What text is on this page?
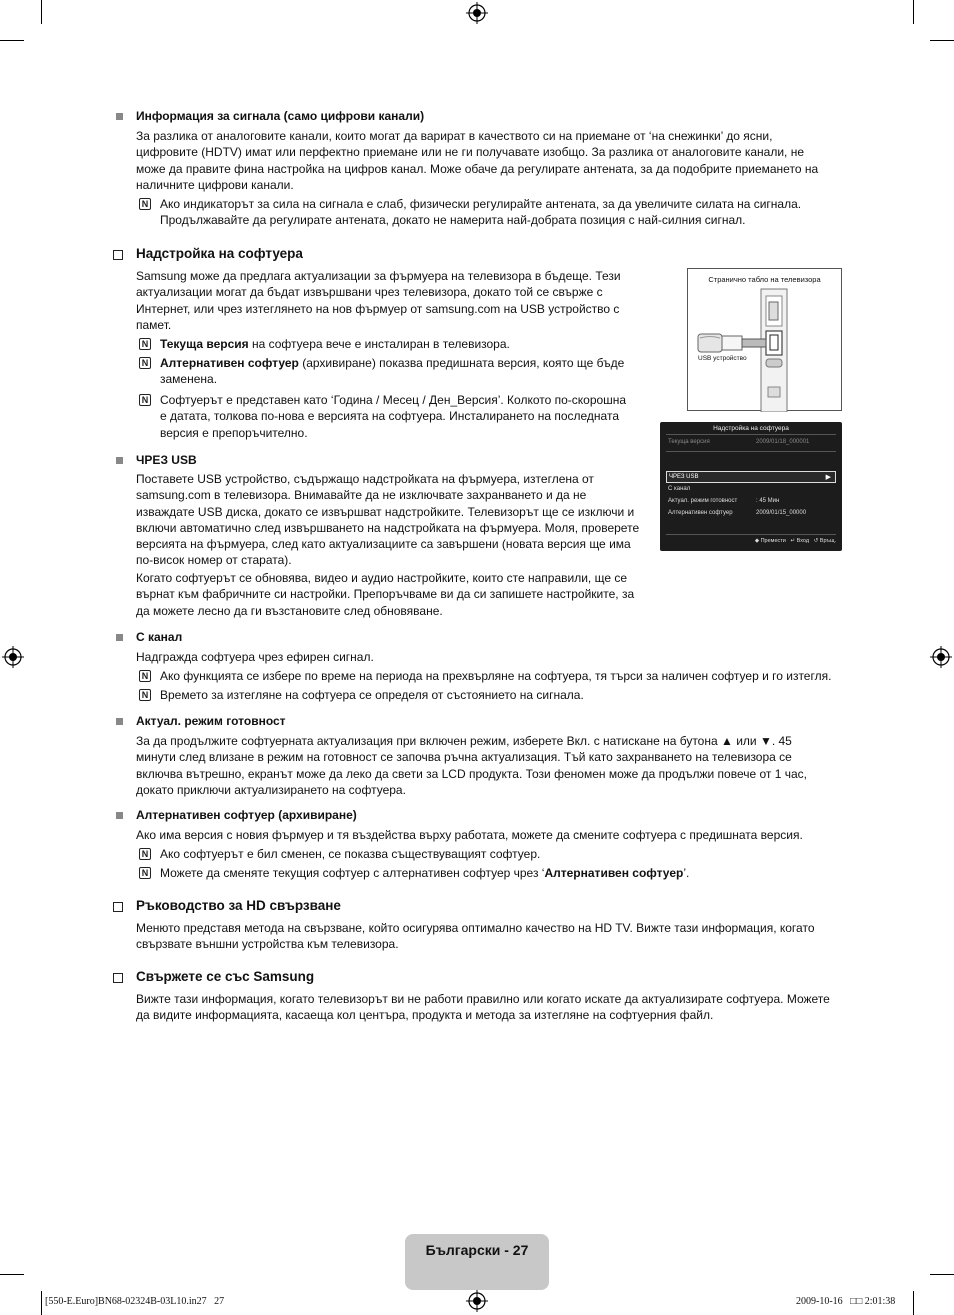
Информация за сигнала (само цифрови канали)
За разлика от аналоговите канали, които могат да варират в качеството си на приемане от ‘на снежинки’ до ясни,
цифровите (HDTV) имат или перфектно приемане или не ги получавате изобщо. За разлика от аналоговите канали, не
може да правите фина настройка на цифров канал. Може обаче да регулирате антената, за да подобрите приемането на
наличните цифрови канали.
N Ако индикаторът за сила на сигнала е слаб, физически регулирайте антената, за да увеличите силата на сигнала.
Продължавайте да регулирате антената, докато не намерита най-добрата позиция с най-силния сигнал.
Надстройка на софтуера
Samsung може да предлага актуализации за фърмуера на телевизора в бъдеще. Тези
актуализации могат да бъдат извършвани чрез телевизора, докато той се свърже с
Интернет, или чрез изтеглянето на нов фърмуер от samsung.com на USB устройство с
памет.
N Текуща версия на софтуера вече е инсталиран в телевизора.
N Алтернативен софтуер (архивиране) показва предишната версия, която ще бъде
заменена.
N Софтуерът е представен като ‘Година / Месец / Ден_Версия’. Колкото по-скорошна
е датата, толкова по-нова е версията на софтуера. Инсталирането на последната
версия е препоръчително.
Странично табло на телевизора
USB устройство
Надстройка на софтуера
Текуща версия	2009/01/18_000001
ЧРЕЗ USB	▶
С канал
Актуал. режим готовност	: 45 Мин
Алтернативен софтуер	2009/01/15_00000
◆ Премести ↵ Вход ↺ Връщ.
ЧРЕЗ USB
Поставете USB устройство, съдържащо надстройката на фърмуера, изтеглена от
samsung.com в телевизора. Внимавайте да не изключвате захранването и да не
изваждате USB диска, докато се извършват надстройките. Телевизорът ще се изключи и
включи автоматично след извършването на надстройката на фърмуера. Моля, проверете
версията на фърмуера, след като актуализациите са завършени (новата версия ще има
по-висок номер от старата).
Когато софтуерът се обновява, видео и аудио настройките, които сте направили, ще се
върнат към фабричните си настройки. Препоръчваме ви да си запишете настройките, за
да можете лесно да ги възстановите след обновяване.
С канал
Надгражда софтуера чрез ефирен сигнал.
N Ако функцията се избере по време на периода на прехвърляне на софтуера, тя търси за наличен софтуер и го изтегля.
N Времето за изтегляне на софтуера се определя от състоянието на сигнала.
Актуал. режим готовност
За да продължите софтуерната актуализация при включен режим, изберете Вкл. с натискане на бутона ▲ или ▼. 45
минути след влизане в режим на готовност се започва ръчна актуализация. Тъй като захранването на телевизора се
включва вътрешно, екранът може да леко да свети за LCD продукта. Този феномен може да продължи повече от 1 час,
докато приключи актуализирането на софтуера.
Алтернативен софтуер (архивиране)
Ако има версия с новия фърмуер и тя въздейства върху работата, можете да смените софтуера с предишната версия.
N Ако софтуерът е бил сменен, се показва съществуващият софтуер.
N Можете да сменяте текущия софтуер с алтернативен софтуер чрез ‘Алтернативен софтуер’.
Ръководство за HD свързване
Менюто представя метода на свързване, който осигурява оптимално качество на HD TV. Вижте тази информация, когато
свързвате външни устройства към телевизора.
Свържете се със Samsung
Вижте тази информация, когато телевизорът ви не работи правилно или когато искате да актуализирате софтуера. Можете
да видите информацията, касаеща кол центъра, продукта и метода за изтегляне на софтуерния файл.
Български - 27
[550-E.Euro]BN68-02324B-03L10.in27   27	2009-10-16   □□ 2:01:38
